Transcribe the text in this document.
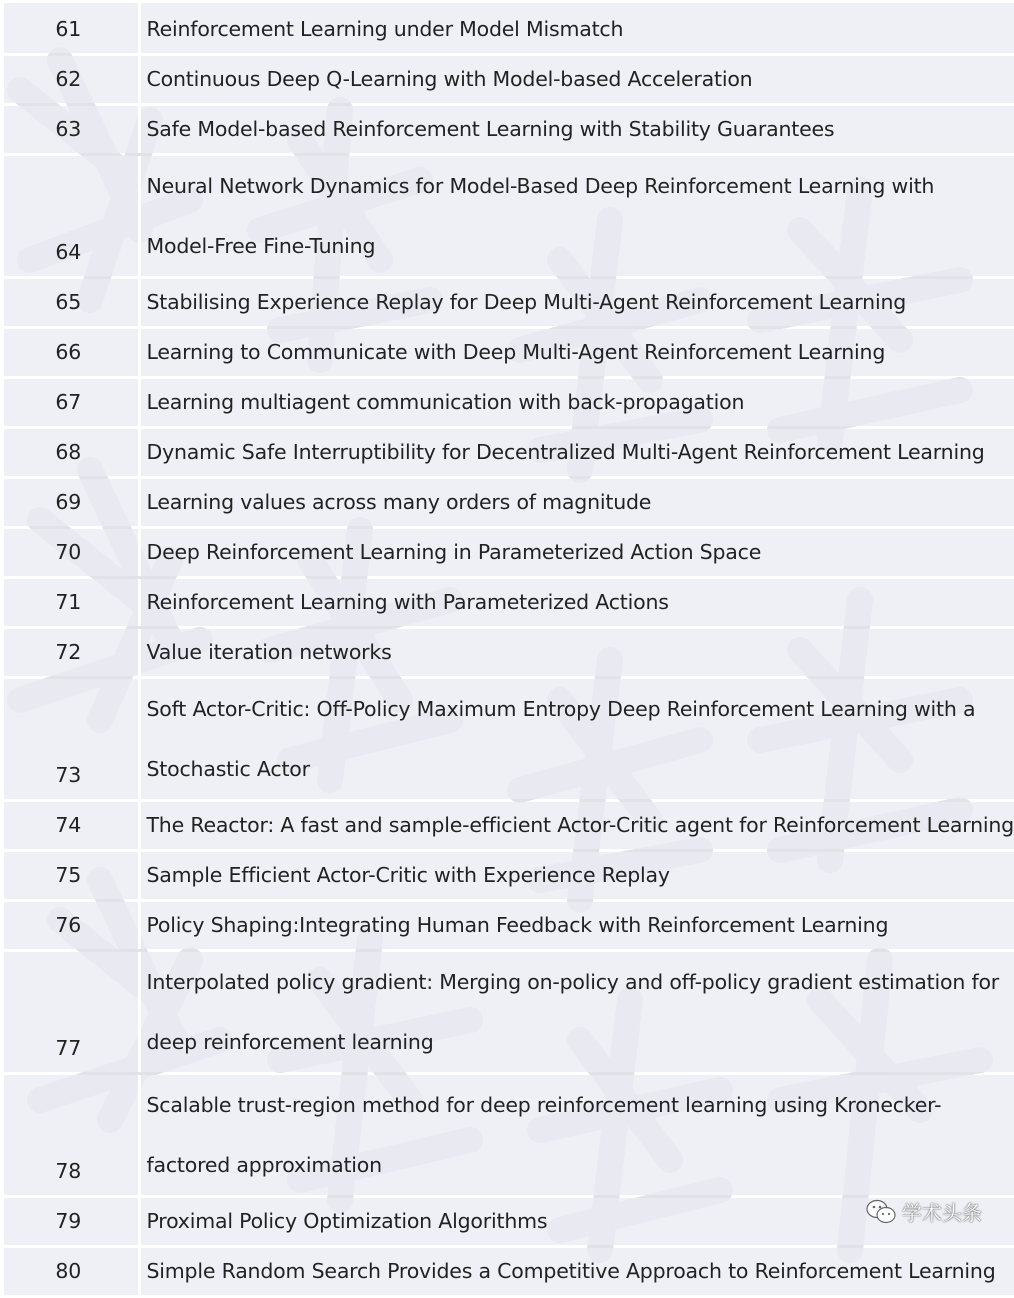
61	Reinforcement Learning under Model Mismatch

62	Continuous Deep Q-Learning with Model-based Acceleration

63	Safe Model-based Reinforcement Learning with Stability Guarantees

64	Neural Network Dynamics for Model-Based Deep Reinforcement Learning with
Model-Free Fine-Tuning

65	Stabilising Experience Replay for Deep Multi-Agent Reinforcement Learning

66	Learning to Communicate with Deep Multi-Agent Reinforcement Learning

67	Learning multiagent communication with back-propagation

68	Dynamic Safe Interruptibility for Decentralized Multi-Agent Reinforcement Learning

69	Learning values across many orders of magnitude

70	Deep Reinforcement Learning in Parameterized Action Space

71	Reinforcement Learning with Parameterized Actions

72	Value iteration networks

73	Soft Actor-Critic: Off-Policy Maximum Entropy Deep Reinforcement Learning with a
Stochastic Actor

74	The Reactor: A fast and sample-efficient Actor-Critic agent for Reinforcement Learning

75	Sample Efficient Actor-Critic with Experience Replay

76	Policy Shaping:Integrating Human Feedback with Reinforcement Learning

77	Interpolated policy gradient: Merging on-policy and off-policy gradient estimation for
deep reinforcement learning

78	Scalable trust-region method for deep reinforcement learning using Kronecker-
factored approximation

79	Proximal Policy Optimization Algorithms

80	Simple Random Search Provides a Competitive Approach to Reinforcement Learning
学术头条
